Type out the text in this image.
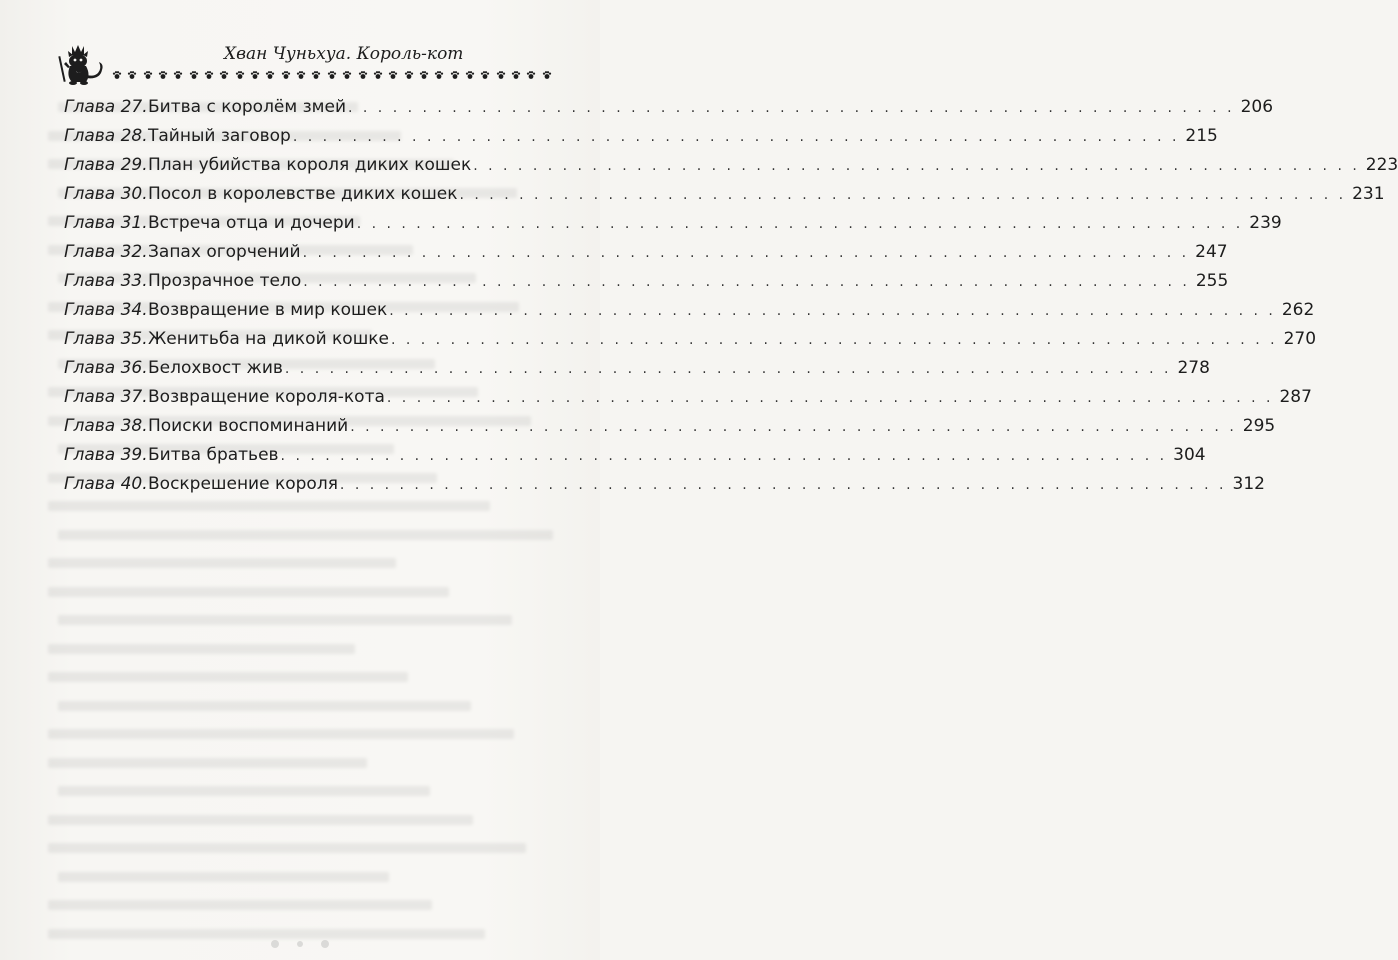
Хван Чуньхуа. Король-кот
Глава 27. Битва с королём змей . . . . . . . . . . . . . . . . . . . . . . . . . . . . . . . . . . . . . . . . . . . . . . . . . . . . . . . . . . . . 206
Глава 28. Тайный заговор . . . . . . . . . . . . . . . . . . . . . . . . . . . . . . . . . . . . . . . . . . . . . . . . . . . . . . . . . . . . 215
Глава 29. План убийства короля диких кошек . . . . . . . . . . . . . . . . . . . . . . . . . . . . . . . . . . . . . . . . . . . . . . . . . . . . . . . . . . . . 223
Глава 30. Посол в королевстве диких кошек . . . . . . . . . . . . . . . . . . . . . . . . . . . . . . . . . . . . . . . . . . . . . . . . . . . . . . . . . . . . 231
Глава 31. Встреча отца и дочери . . . . . . . . . . . . . . . . . . . . . . . . . . . . . . . . . . . . . . . . . . . . . . . . . . . . . . . . . . . . 239
Глава 32. Запах огорчений . . . . . . . . . . . . . . . . . . . . . . . . . . . . . . . . . . . . . . . . . . . . . . . . . . . . . . . . . . . . 247
Глава 33. Прозрачное тело . . . . . . . . . . . . . . . . . . . . . . . . . . . . . . . . . . . . . . . . . . . . . . . . . . . . . . . . . . . . 255
Глава 34. Возвращение в мир кошек . . . . . . . . . . . . . . . . . . . . . . . . . . . . . . . . . . . . . . . . . . . . . . . . . . . . . . . . . . . . 262
Глава 35. Женитьба на дикой кошке . . . . . . . . . . . . . . . . . . . . . . . . . . . . . . . . . . . . . . . . . . . . . . . . . . . . . . . . . . . . 270
Глава 36. Белохвост жив . . . . . . . . . . . . . . . . . . . . . . . . . . . . . . . . . . . . . . . . . . . . . . . . . . . . . . . . . . . . 278
Глава 37. Возвращение короля-кота . . . . . . . . . . . . . . . . . . . . . . . . . . . . . . . . . . . . . . . . . . . . . . . . . . . . . . . . . . . . 287
Глава 38. Поиски воспоминаний . . . . . . . . . . . . . . . . . . . . . . . . . . . . . . . . . . . . . . . . . . . . . . . . . . . . . . . . . . . . 295
Глава 39. Битва братьев . . . . . . . . . . . . . . . . . . . . . . . . . . . . . . . . . . . . . . . . . . . . . . . . . . . . . . . . . . . . 304
Глава 40. Воскрешение короля . . . . . . . . . . . . . . . . . . . . . . . . . . . . . . . . . . . . . . . . . . . . . . . . . . . . . . . . . . . . 312
